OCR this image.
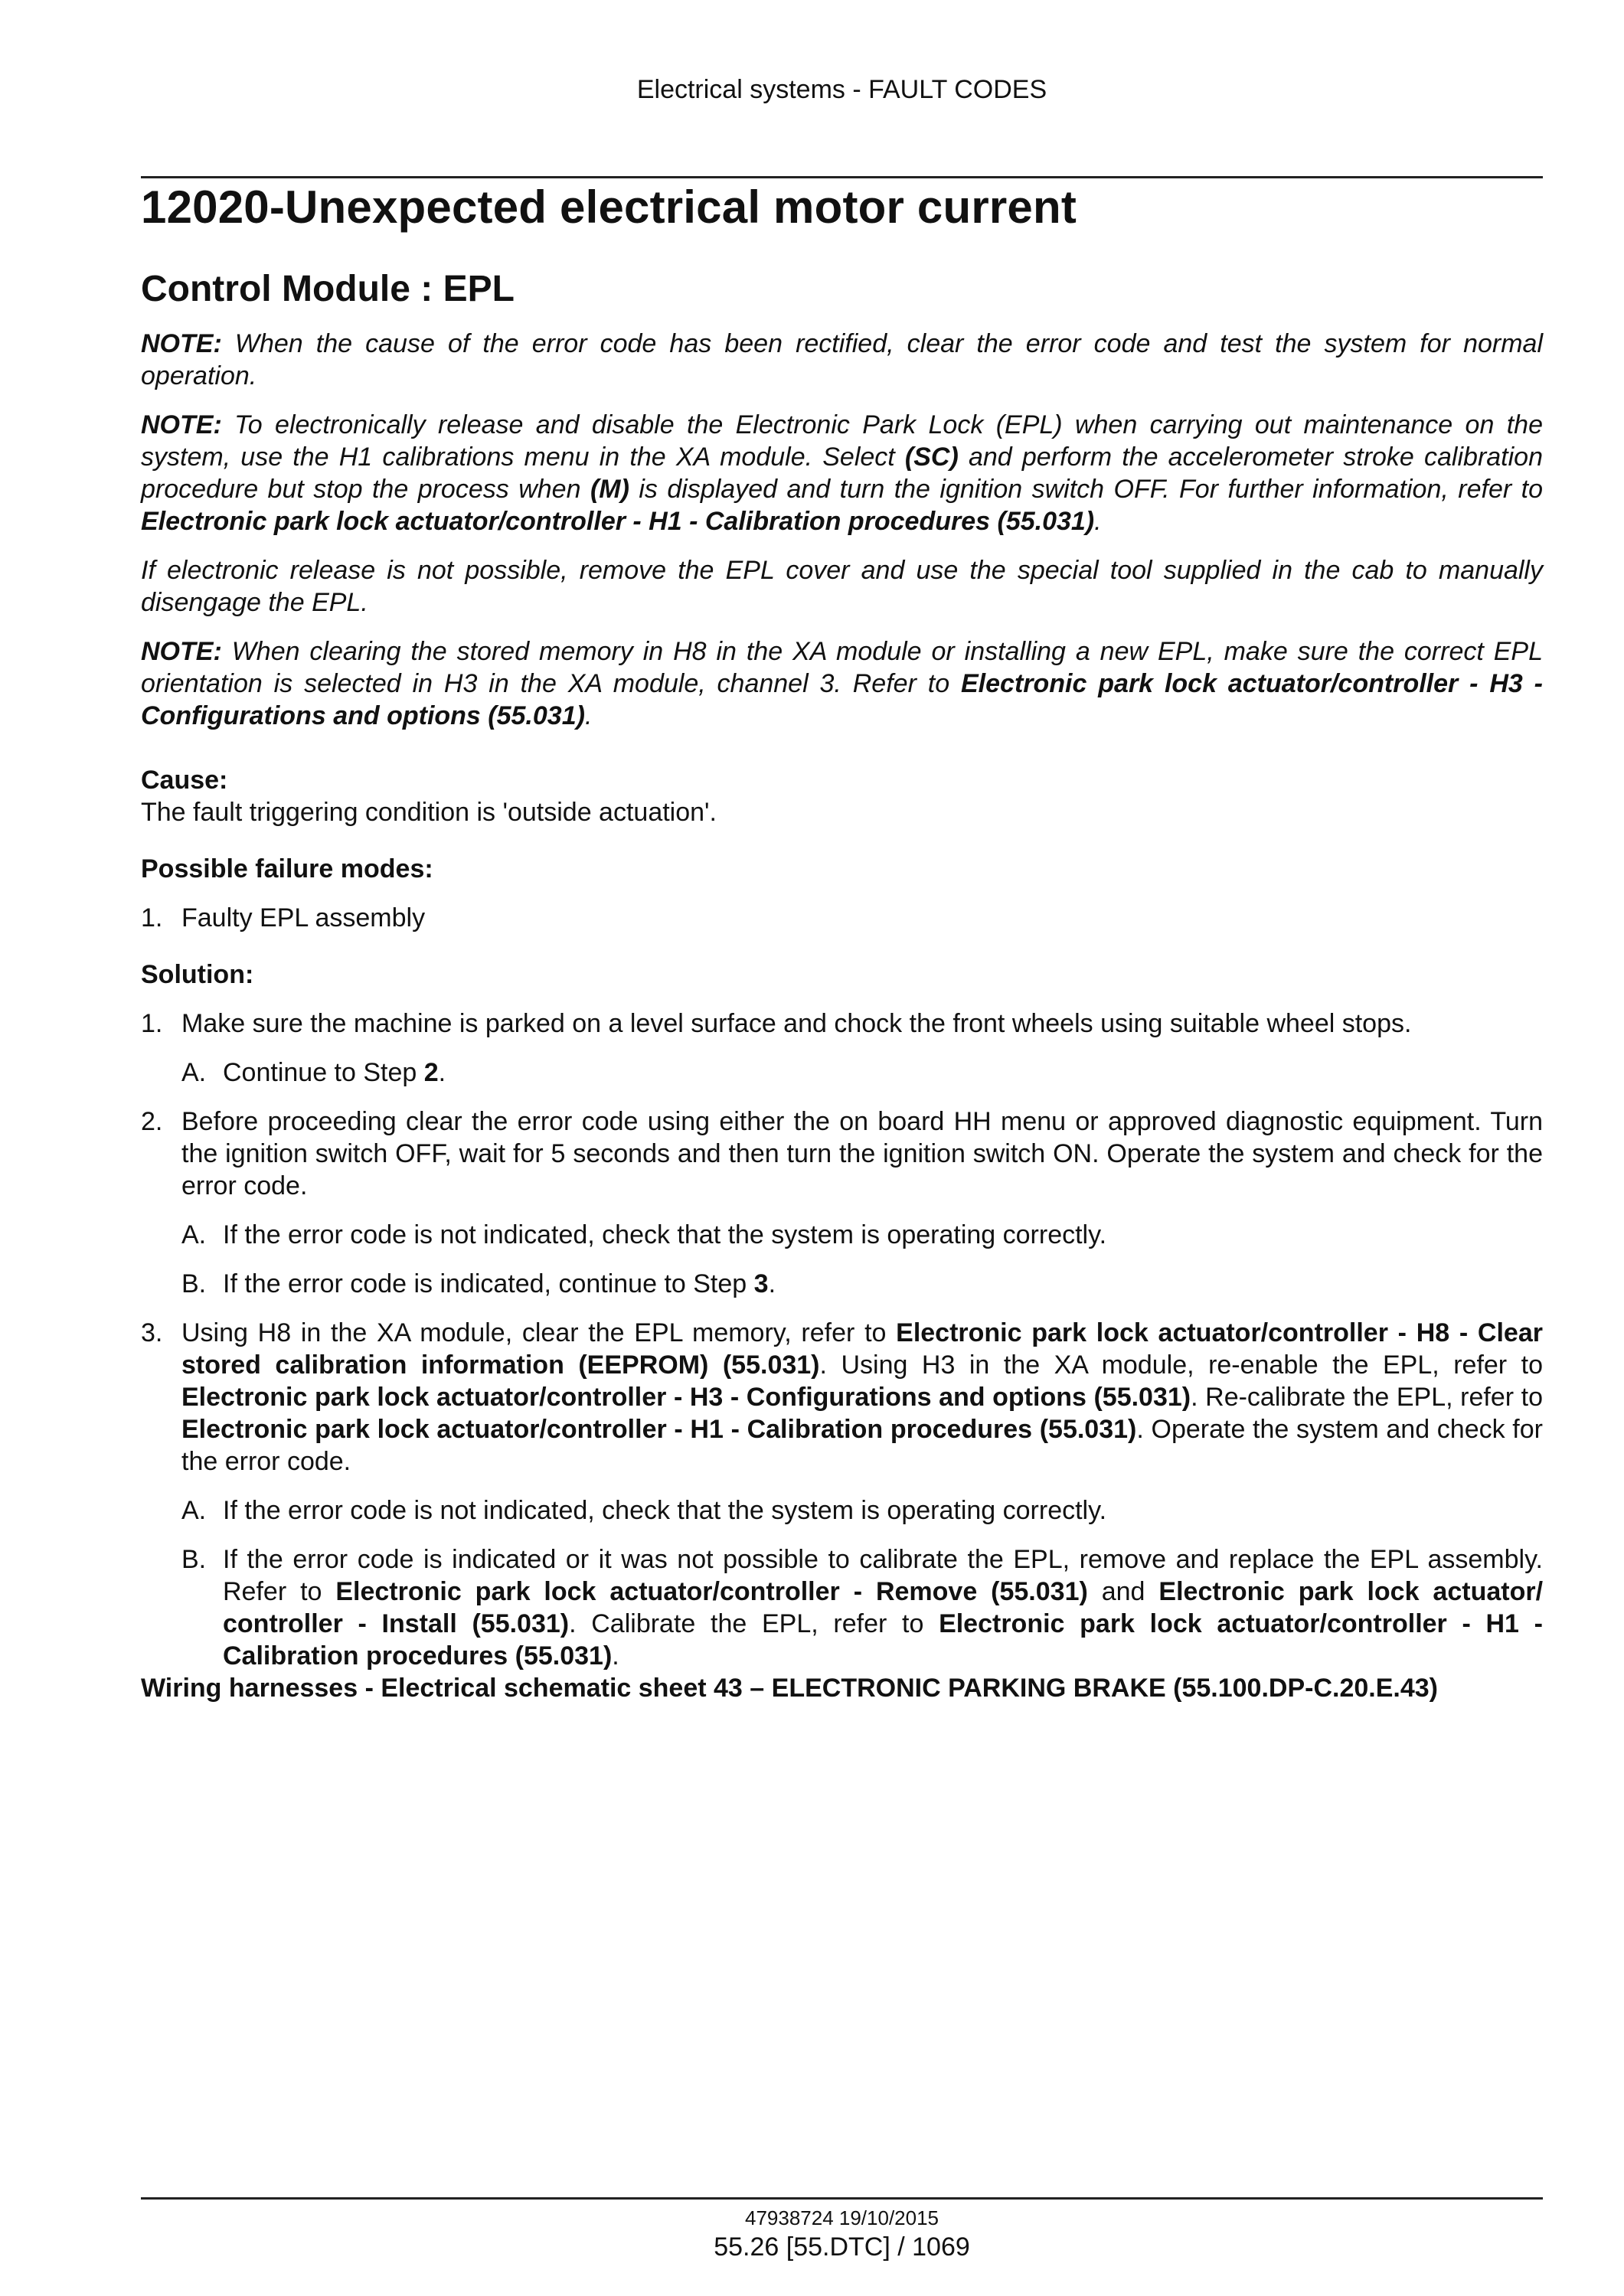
Electrical systems - FAULT CODES
12020-Unexpected electrical motor current
Control Module : EPL

NOTE: When the cause of the error code has been rectified, clear the error code and test the system for normal operation.

NOTE: To electronically release and disable the Electronic Park Lock (EPL) when carrying out maintenance on the system, use the H1 calibrations menu in the XA module. Select (SC) and perform the accelerometer stroke calibration procedure but stop the process when (M) is displayed and turn the ignition switch OFF. For further information, refer to Electronic park lock actuator/controller - H1 - Calibration procedures (55.031).

If electronic release is not possible, remove the EPL cover and use the special tool supplied in the cab to manually disengage the EPL.

NOTE: When clearing the stored memory in H8 in the XA module or installing a new EPL, make sure the correct EPL orientation is selected in H3 in the XA module, channel 3. Refer to Electronic park lock actuator/controller - H3 - Configurations and options (55.031).

Cause:

The fault triggering condition is 'outside actuation'.

Possible failure modes:

1. Faulty EPL assembly

Solution:

1. Make sure the machine is parked on a level surface and chock the front wheels using suitable wheel stops.
A. Continue to Step 2.
2. Before proceeding clear the error code using either the on board HH menu or approved diagnostic equipment. Turn the ignition switch OFF, wait for 5 seconds and then turn the ignition switch ON. Operate the system and check for the error code.
A. If the error code is not indicated, check that the system is operating correctly.
B. If the error code is indicated, continue to Step 3.
3. Using H8 in the XA module, clear the EPL memory, refer to Electronic park lock actuator/controller - H8 - Clear stored calibration information (EEPROM) (55.031). Using H3 in the XA module, re-enable the EPL, refer to Electronic park lock actuator/controller - H3 - Configurations and options (55.031). Re-calibrate the EPL, refer to Electronic park lock actuator/controller - H1 - Calibration procedures (55.031). Operate the system and check for the error code.
A. If the error code is not indicated, check that the system is operating correctly.
B. If the error code is indicated or it was not possible to calibrate the EPL, remove and replace the EPL assembly. Refer to Electronic park lock actuator/controller - Remove (55.031) and Electronic park lock actuator/ controller - Install (55.031). Calibrate the EPL, refer to Electronic park lock actuator/controller - H1 - Calibration procedures (55.031).

Wiring harnesses - Electrical schematic sheet 43 – ELECTRONIC PARKING BRAKE (55.100.DP-C.20.E.43)

47938724 19/10/2015
55.26 [55.DTC] / 1069
